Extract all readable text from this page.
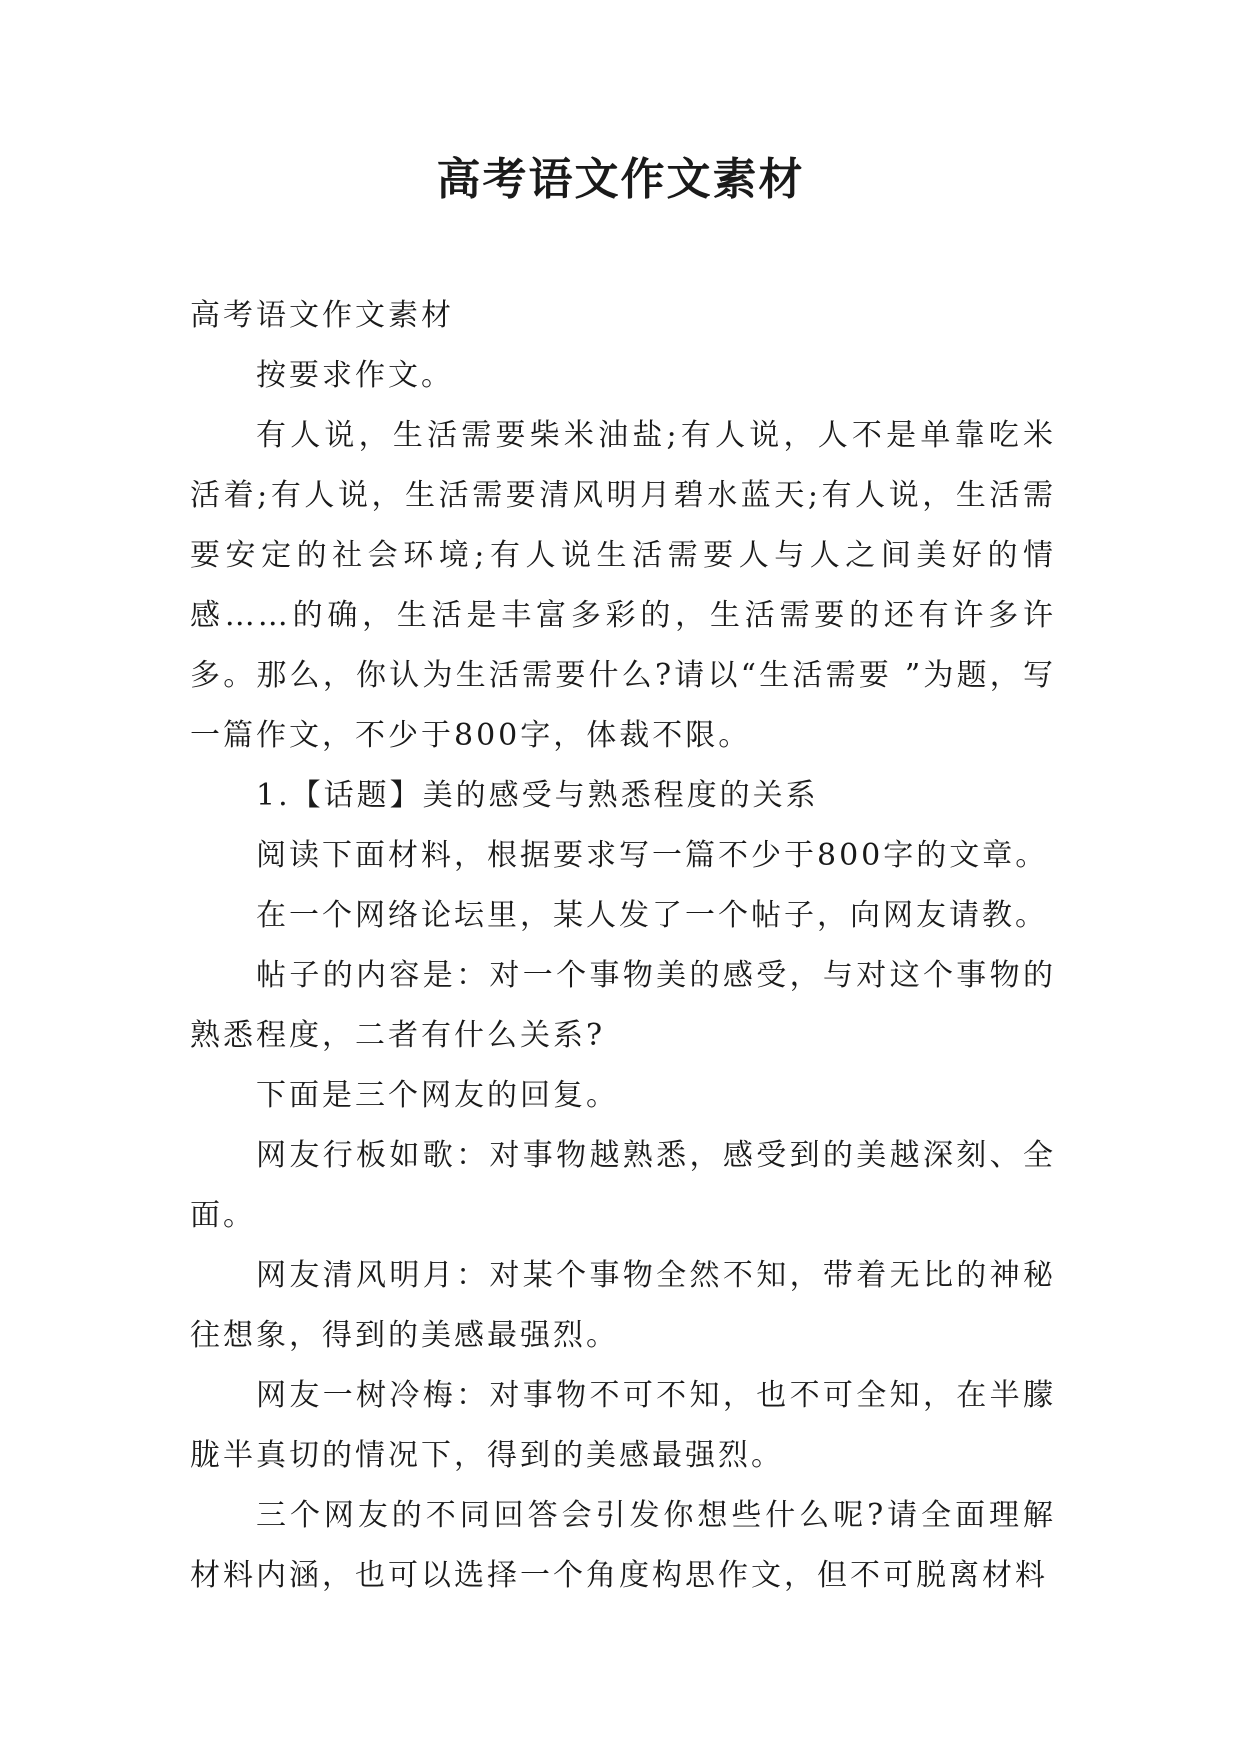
高考语文作文素材

高考语文作文素材

按要求作文。

有人说，生活需要柴米油盐;有人说，人不是单靠吃米活着;有人说，生活需要清风明月碧水蓝天;有人说，生活需要安定的社会环境;有人说生活需要人与人之间美好的情感……的确，生活是丰富多彩的，生活需要的还有许多许多。那么，你认为生活需要什么?请以“生活需要 ”为题，写一篇作文，不少于800字，体裁不限。

1.【话题】美的感受与熟悉程度的关系

阅读下面材料，根据要求写一篇不少于800字的文章。

在一个网络论坛里，某人发了一个帖子，向网友请教。

帖子的内容是：对一个事物美的感受，与对这个事物的熟悉程度，二者有什么关系?

下面是三个网友的回复。

网友行板如歌：对事物越熟悉，感受到的美越深刻、全面。

网友清风明月：对某个事物全然不知，带着无比的神秘往想象，得到的美感最强烈。

网友一树冷梅：对事物不可不知，也不可全知，在半朦胧半真切的情况下，得到的美感最强烈。

三个网友的不同回答会引发你想些什么呢?请全面理解材料内涵，也可以选择一个角度构思作文，但不可脱离材料
